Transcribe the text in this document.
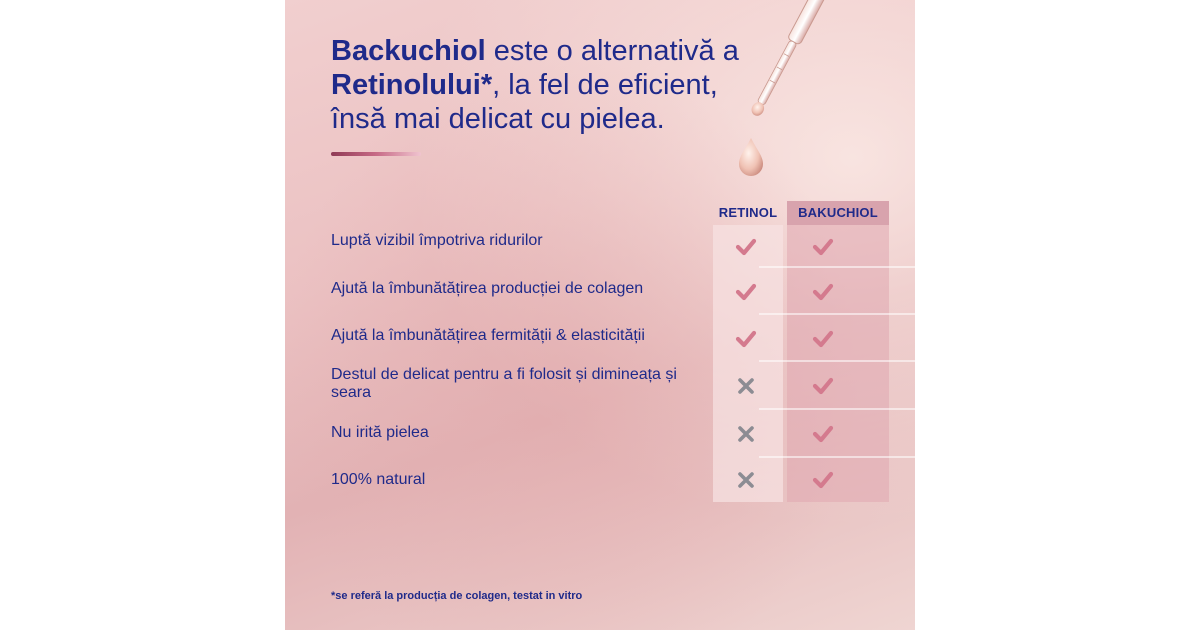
Backuchiol este o alternativă a
Retinolului*, la fel de eficient,
însă mai delicat cu pielea.
RETINOL	BAKUCHIOL
Luptă vizibil împotriva ridurilor
Ajută la îmbunătățirea producției de colagen
Ajută la îmbunătățirea fermității & elasticității
Destul de delicat pentru a fi folosit și dimineața și seara
Nu irită pielea
100% natural
*se referă la producția de colagen, testat in vitro
